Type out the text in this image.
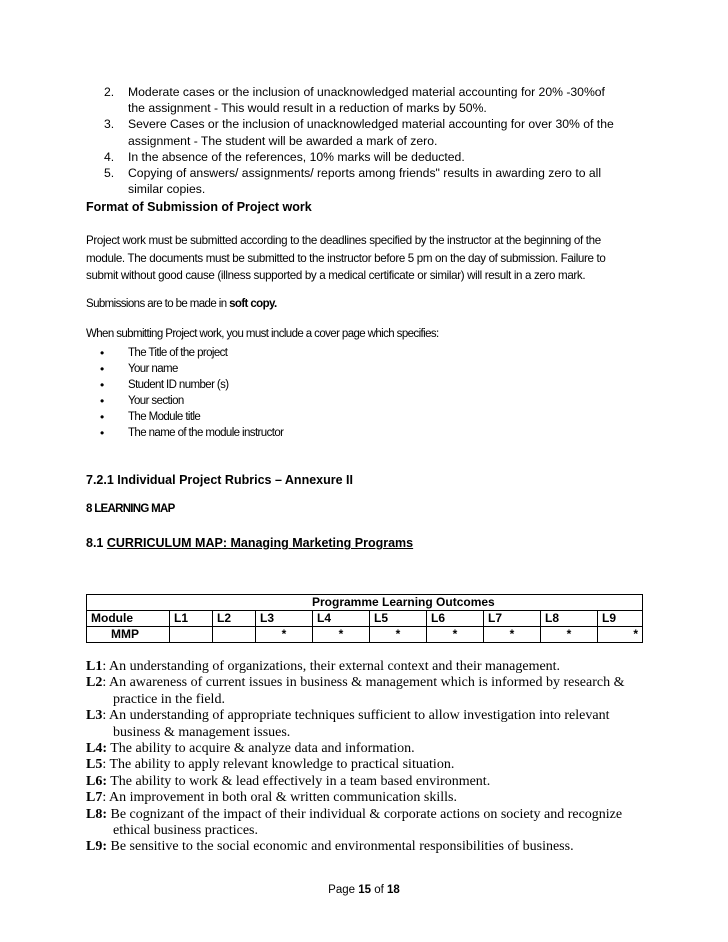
2. Moderate cases or the inclusion of unacknowledged material accounting for 20% -30%of
the assignment - This would result in a reduction of marks by 50%.
3. Severe Cases or the inclusion of unacknowledged material accounting for over 30% of the
assignment - The student will be awarded a mark of zero.
4. In the absence of the references, 10% marks will be deducted.
5. Copying of answers/ assignments/ reports among friends" results in awarding zero to all
similar copies.
Format of Submission of Project work
Project work must be submitted according to the deadlines specified by the instructor at the beginning of the
module. The documents must be submitted to the instructor before 5 pm on the day of submission. Failure to
submit without good cause (illness supported by a medical certificate or similar) will result in a zero mark.
Submissions are to be made in soft copy.
When submitting Project work, you must include a cover page which specifies:
• The Title of the project
• Your name
• Student ID number (s)
• Your section
• The Module title
• The name of the module instructor
7.2.1 Individual Project Rubrics – Annexure II
8 LEARNING MAP
8.1 CURRICULUM MAP: Managing Marketing Programs
Programme Learning Outcomes									
Module	L1	L2	L3	L4	L5	L6	L7	L8	L9
MMP			*	*	*	*	*	*	*

L1: An understanding of organizations, their external context and their management.

L2: An awareness of current issues in business & management which is informed by research &

practice in the field.

L3: An understanding of appropriate techniques sufficient to allow investigation into relevant

business & management issues.

L4: The ability to acquire & analyze data and information.

L5: The ability to apply relevant knowledge to practical situation.

L6: The ability to work & lead effectively in a team based environment.

L7: An improvement in both oral & written communication skills.

L8: Be cognizant of the impact of their individual & corporate actions on society and recognize

ethical business practices.

L9: Be sensitive to the social economic and environmental responsibilities of business.

Page 15 of 18
